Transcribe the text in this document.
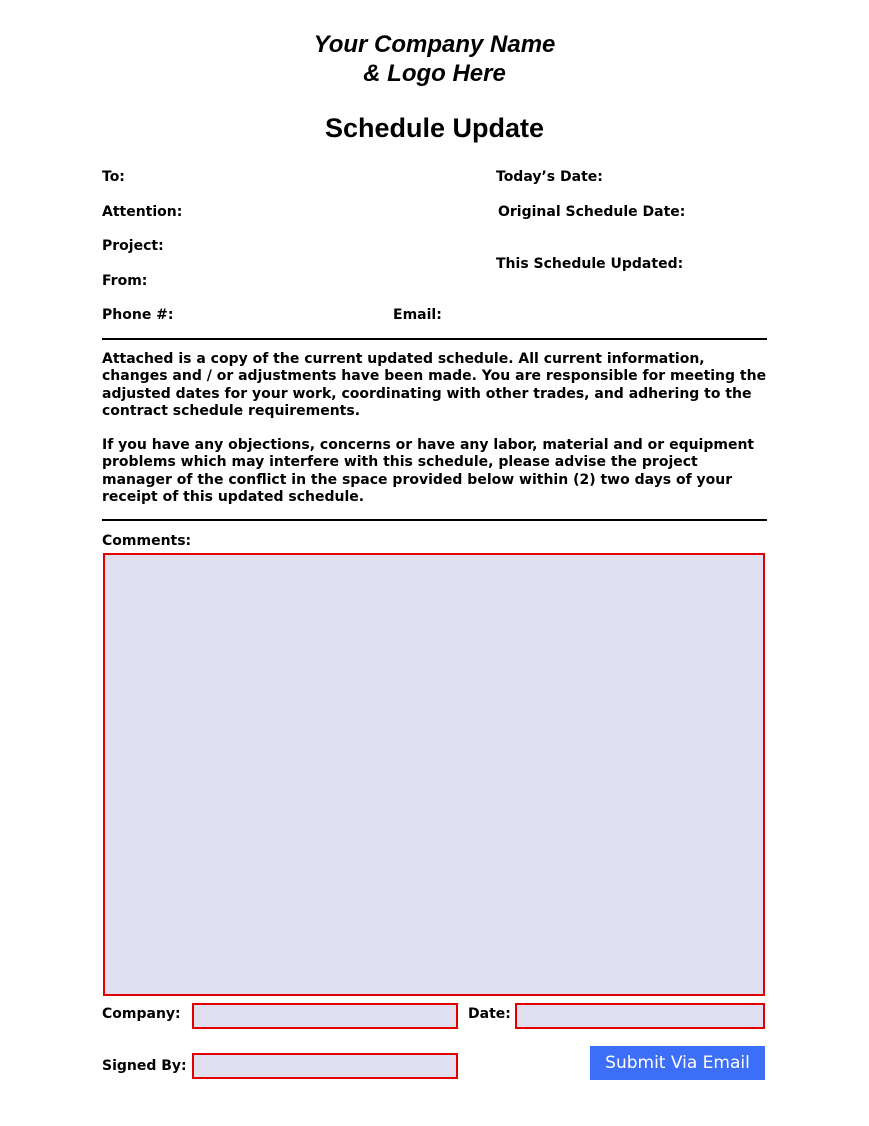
Your Company Name
& Logo Here
Schedule Update
To:
Attention:
Project:
From:
Phone #:	Email:
Today’s Date:
Original Schedule Date:
This Schedule Updated:
Attached is a copy of the current updated schedule. All current information, changes and / or adjustments have been made. You are responsible for meeting the adjusted dates for your work, coordinating with other trades, and adhering to the contract schedule requirements.
If you have any objections, concerns or have any labor, material and or equipment problems which may interfere with this schedule, please advise the project manager of the conflict in the space provided below within (2) two days of your receipt of this updated schedule.
Comments:
Company:	Date:
Signed By:	Submit Via Email
